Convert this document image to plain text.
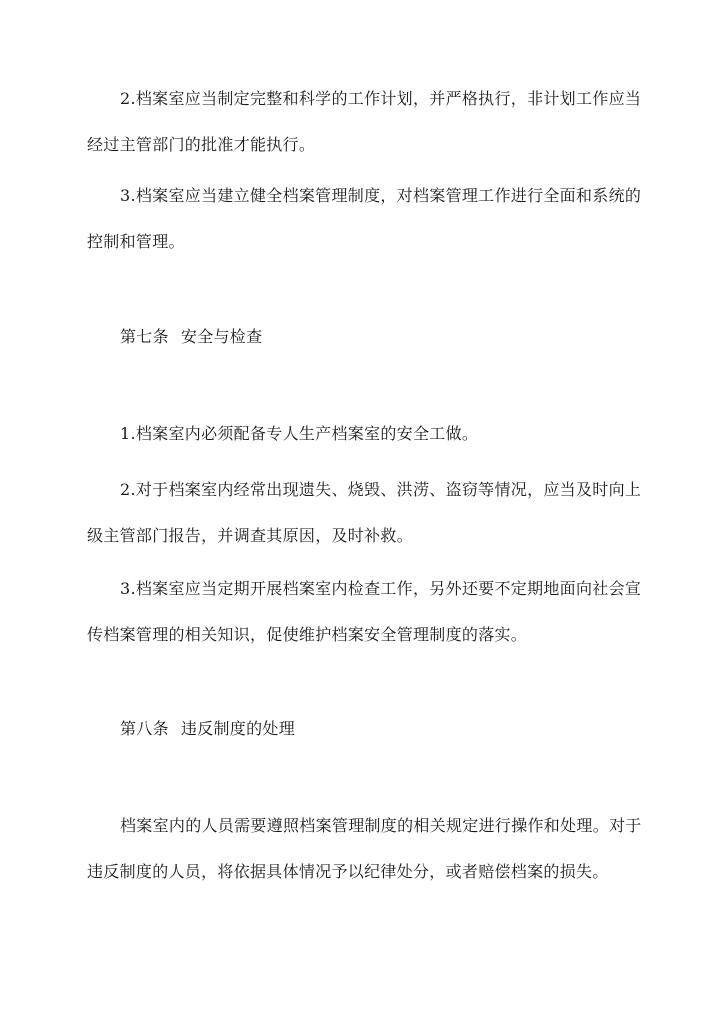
2.档案室应当制定完整和科学的工作计划，并严格执行，非计划工作应当经过主管部门的批准才能执行。

3.档案室应当建立健全档案管理制度，对档案管理工作进行全面和系统的控制和管理。

第七条 安全与检查

1.档案室内必须配备专人生产档案室的安全工做。

2.对于档案室内经常出现遗失、烧毁、洪涝、盗窃等情况，应当及时向上级主管部门报告，并调查其原因，及时补救。

3.档案室应当定期开展档案室内检查工作，另外还要不定期地面向社会宣传档案管理的相关知识，促使维护档案安全管理制度的落实。

第八条 违反制度的处理

档案室内的人员需要遵照档案管理制度的相关规定进行操作和处理。对于违反制度的人员，将依据具体情况予以纪律处分，或者赔偿档案的损失。
